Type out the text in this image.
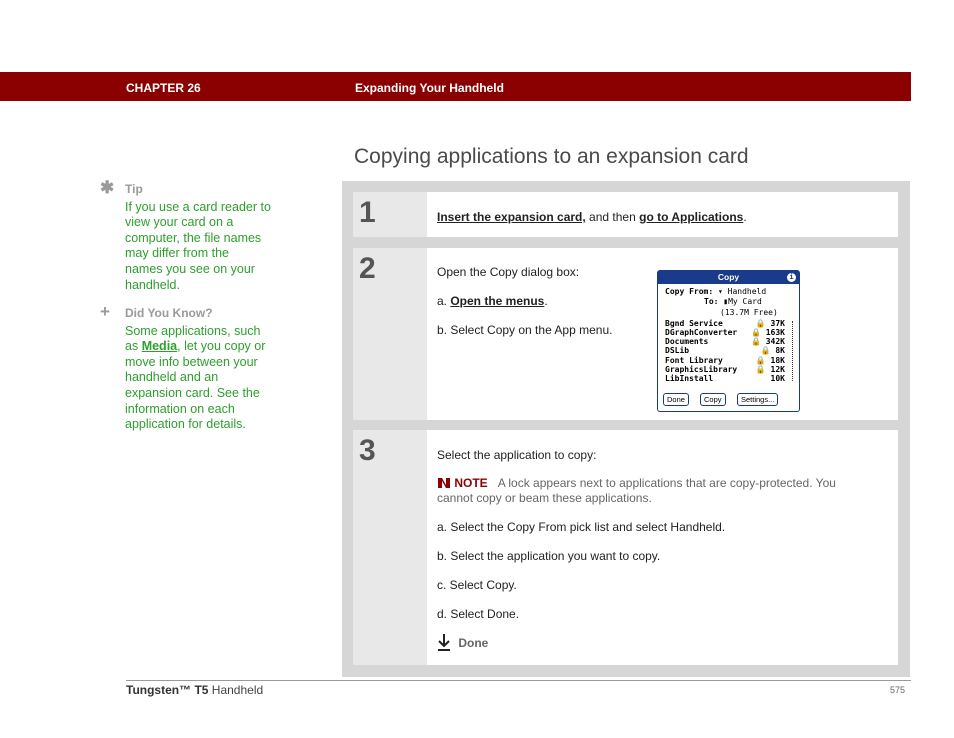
CHAPTER 26	Expanding Your Handheld
Copying applications to an expansion card
✱ Tip
If you use a card reader to
view your card on a
computer, the file names
may differ from the
names you see on your
handheld.
+ Did You Know?
Some applications, such
as Media, let you copy or
move info between your
handheld and an
expansion card. See the
information on each
application for details.
1	Insert the expansion card, and then go to Applications.
2	Open the Copy dialog box:
a. Open the menus.
b. Select Copy on the App menu.
Copy	i
Copy From: ▾ Handheld
To: ▮My Card
(13.7M Free)
Bgnd Service	🔒 37K
DGraphConverter 🔒 163K
Documents	🔒 342K
DSLib	🔒 8K
Font Library	🔒 18K
GraphicsLibrary 🔒 12K
LibInstall	10K
Done	Copy	Settings...
3	Select the application to copy:
NOTE A lock appears next to applications that are copy-protected. You
cannot copy or beam these applications.
a. Select the Copy From pick list and select Handheld.
b. Select the application you want to copy.
c. Select Copy.
d. Select Done.
Done
Tungsten™ T5 Handheld	575
